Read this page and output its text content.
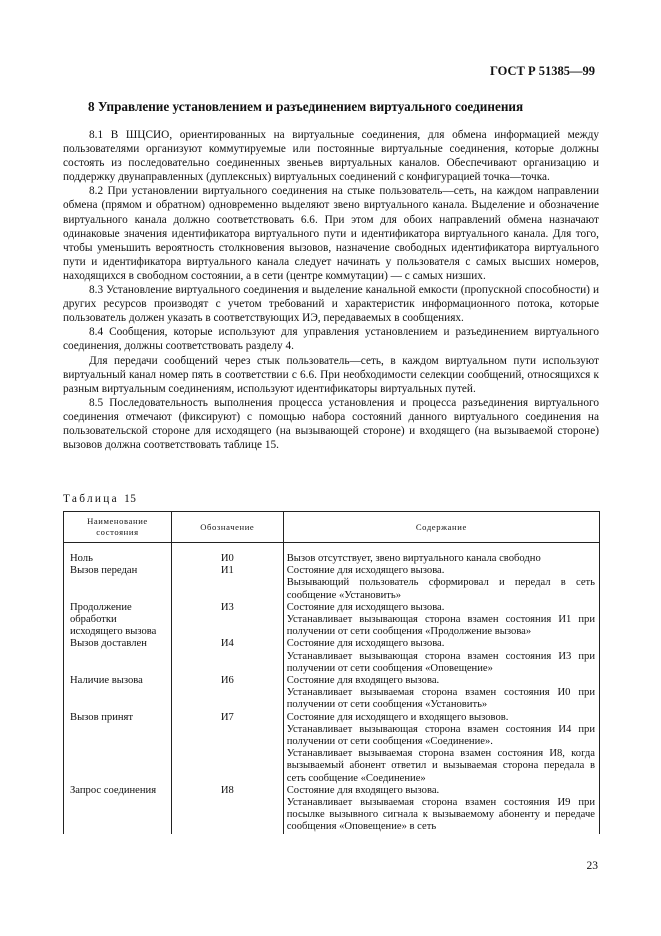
ГОСТ Р 51385—99
8 Управление установлением и разъединением виртуального соединения

8.1 В ШЦСИО, ориентированных на виртуальные соединения, для обмена информацией между пользователями организуют коммутируемые или постоянные виртуальные соединения, которые должны состоять из последовательно соединенных звеньев виртуальных каналов. Обеспечивают организацию и поддержку двунаправленных (дуплексных) виртуальных соединений с конфигурацией точка—точка.

8.2 При установлении виртуального соединения на стыке пользователь—сеть, на каждом направлении обмена (прямом и обратном) одновременно выделяют звено виртуального канала. Выделение и обозначение виртуального канала должно соответствовать 6.6. При этом для обоих направлений обмена назначают одинаковые значения идентификатора виртуального пути и идентификатора виртуального канала. Для того, чтобы уменьшить вероятность столкновения вызовов, назначение свободных идентификатора виртуального пути и идентификатора виртуального канала следует начинать у пользователя с самых высших номеров, находящихся в свободном состоянии, а в сети (центре коммутации) — с самых низших.

8.3 Установление виртуального соединения и выделение канальной емкости (пропускной способности) и других ресурсов производят с учетом требований и характеристик информационного потока, которые пользователь должен указать в соответствующих ИЭ, передаваемых в сообщениях.

8.4 Сообщения, которые используют для управления установлением и разъединением виртуального соединения, должны соответствовать разделу 4.

Для передачи сообщений через стык пользователь—сеть, в каждом виртуальном пути используют виртуальный канал номер пять в соответствии с 6.6. При необходимости селекции сообщений, относящихся к разным виртуальным соединениям, используют идентификаторы виртуальных путей.

8.5 Последовательность выполнения процесса установления и процесса разъединения виртуального соединения отмечают (фиксируют) с помощью набора состояний данного виртуального соединения на пользовательской стороне для исходящего (на вызывающей стороне) и входящего (на вызываемой стороне) вызовов должна соответствовать таблице 15.

Таблица 15
Наименование состояния	Обозначение	Содержание

Ноль	И0	Вызов отсутствует, звено виртуального канала свободно

Вызов передан	И1	Состояние для исходящего вызова.
Вызывающий пользователь сформировал и передал в сеть сообщение «Установить»

Продолжение обработки исходящего вызова	И3	Состояние для исходящего вызова.
Устанавливает вызывающая сторона взамен состояния И1 при получении от сети сообщения «Продолжение вызова»

Вызов доставлен	И4	Состояние для исходящего вызова.
Устанавливает вызывающая сторона взамен состояния И3 при получении от сети сообщения «Оповещение»

Наличие вызова	И6	Состояние для входящего вызова.
Устанавливает вызываемая сторона взамен состояния И0 при получении от сети сообщения «Установить»

Вызов принят	И7	Состояние для исходящего и входящего вызовов.
Устанавливает вызывающая сторона взамен состояния И4 при получении от сети сообщения «Соединение».
Устанавливает вызываемая сторона взамен состояния И8, когда вызываемый абонент ответил и вызываемая сторона передала в сеть сообщение «Соединение»

Запрос соединения	И8	Состояние для входящего вызова.
Устанавливает вызываемая сторона взамен состояния И9 при посылке вызывного сигнала к вызываемому абоненту и передаче сообщения «Оповещение» в сеть
23
